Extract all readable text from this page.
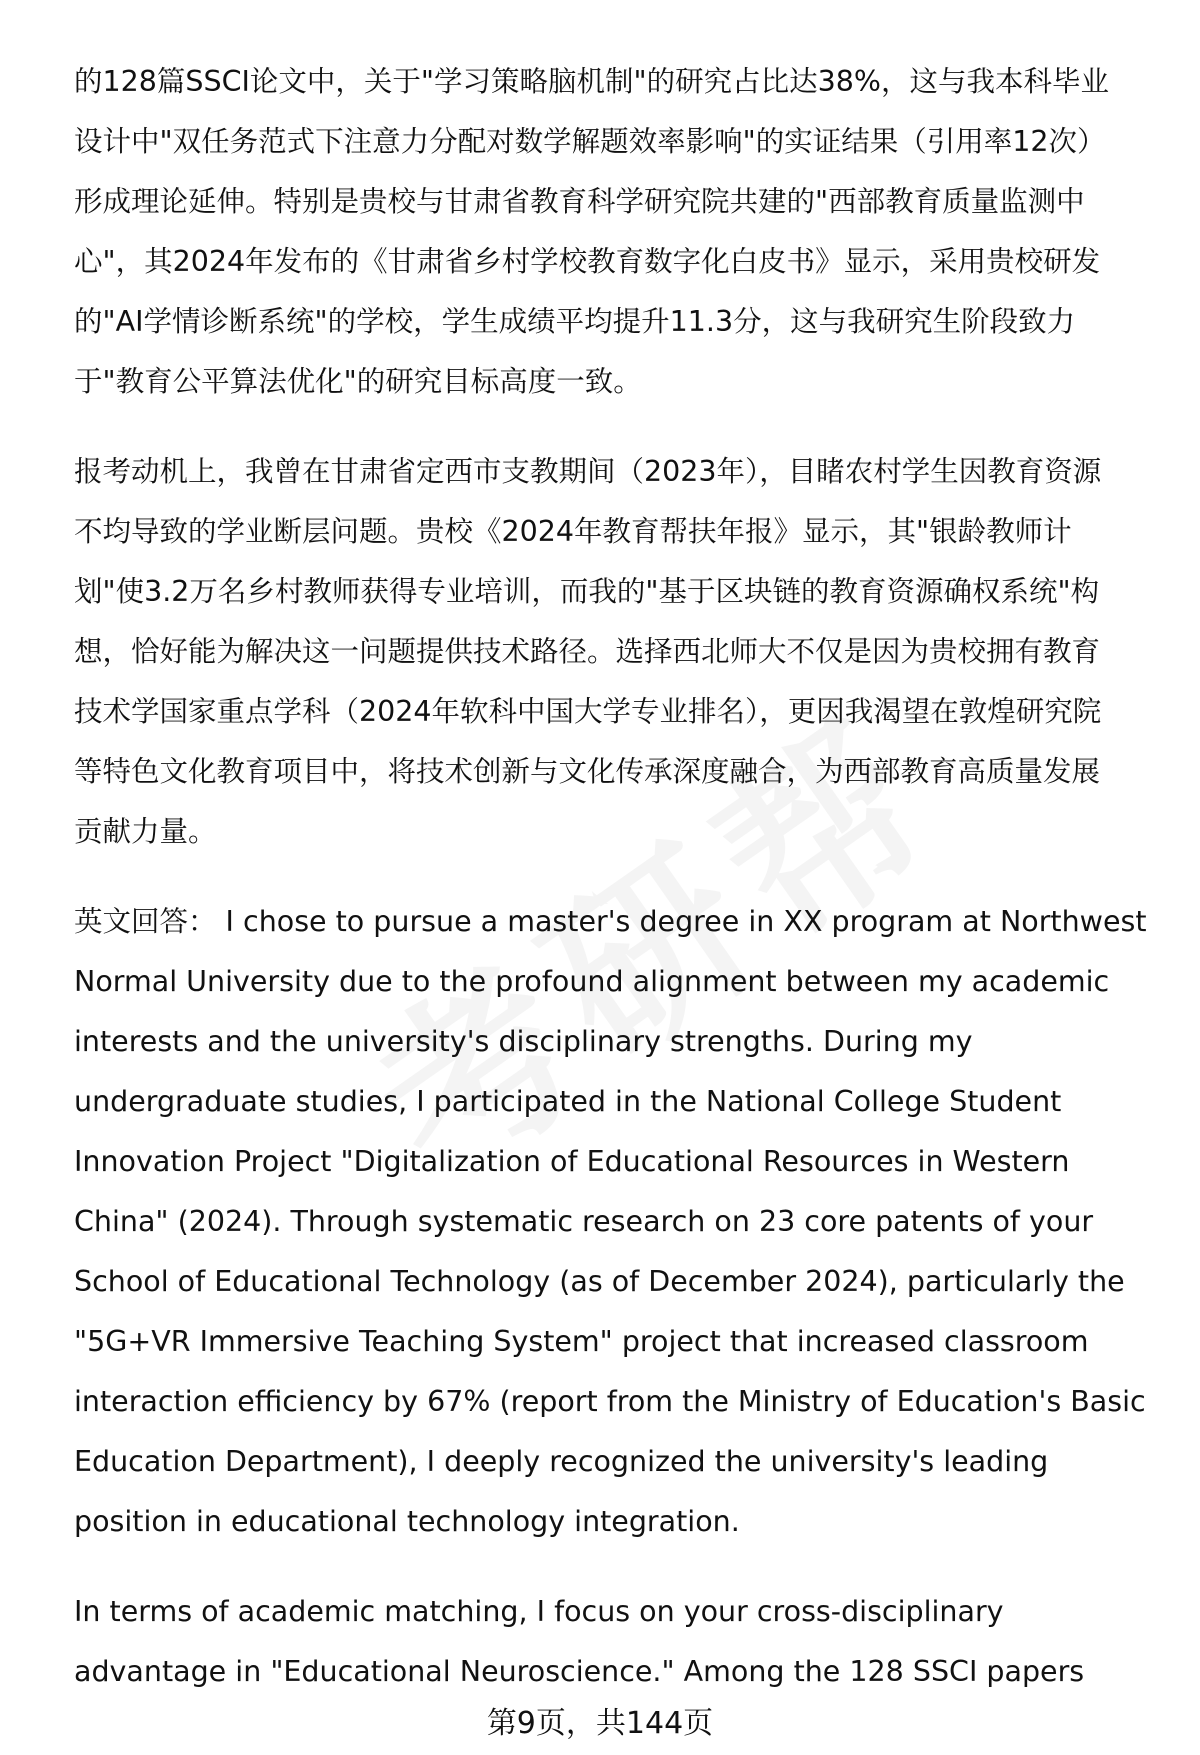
的128篇SSCI论文中，关于"学习策略脑机制"的研究占比达38%，这与我本科毕业
设计中"双任务范式下注意力分配对数学解题效率影响"的实证结果（引用率12次）
形成理论延伸。特别是贵校与甘肃省教育科学研究院共建的"西部教育质量监测中
心"，其2024年发布的《甘肃省乡村学校教育数字化白皮书》显示，采用贵校研发
的"AI学情诊断系统"的学校，学生成绩平均提升11.3分，这与我研究生阶段致力
于"教育公平算法优化"的研究目标高度一致。

报考动机上，我曾在甘肃省定西市支教期间（2023年），目睹农村学生因教育资源
不均导致的学业断层问题。贵校《2024年教育帮扶年报》显示，其"银龄教师计
划"使3.2万名乡村教师获得专业培训，而我的"基于区块链的教育资源确权系统"构
想，恰好能为解决这一问题提供技术路径。选择西北师大不仅是因为贵校拥有教育
技术学国家重点学科（2024年软科中国大学专业排名），更因我渴望在敦煌研究院
等特色文化教育项目中，将技术创新与文化传承深度融合，为西部教育高质量发展
贡献力量。

英文回答： I chose to pursue a master's degree in XX program at Northwest
Normal University due to the profound alignment between my academic
interests and the university's disciplinary strengths. During my
undergraduate studies, I participated in the National College Student
Innovation Project "Digitalization of Educational Resources in Western
China" (2024). Through systematic research on 23 core patents of your
School of Educational Technology (as of December 2024), particularly the
"5G+VR Immersive Teaching System" project that increased classroom
interaction efficiency by 67% (report from the Ministry of Education's Basic
Education Department), I deeply recognized the university's leading
position in educational technology integration.

In terms of academic matching, I focus on your cross-disciplinary
advantage in "Educational Neuroscience." Among the 128 SSCI papers

第9页，共144页
